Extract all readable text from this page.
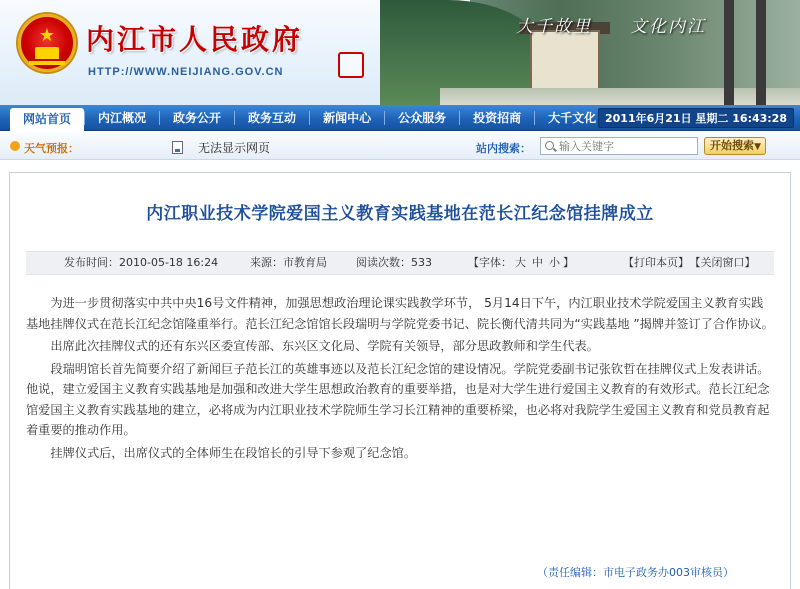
★ 内江市人民政府
HTTP://WWW.NEIJIANG.GOV.CN
大千故里 文化内江
网站首页	内江概况	政务公开	政务互动	新闻中心	公众服务	投资招商	大千文化 2011年6月21日 星期二 16:43:28
天气预报：	无法显示网页	站内搜索：
输入关键字	开始搜索 ▼
内江职业技术学院爱国主义教育实践基地在范长江纪念馆挂牌成立
发布时间：2010-05-18 16:24	来源：市教育局	阅读次数：533	【字体： 大 中 小 】	【打印本页】 【关闭窗口】

为进一步贯彻落实中共中央16号文件精神，加强思想政治理论课实践教学环节， 5月14日下午，内江职业技术学院爱国主义教育实践基地挂牌仪式在范长江纪念馆隆重举行。范长江纪念馆馆长段瑞明与学院党委书记、院长衡代清共同为“实践基地 ”揭牌并签订了合作协议。

出席此次挂牌仪式的还有东兴区委宣传部、东兴区文化局、学院有关领导，部分思政教师和学生代表。

段瑞明馆长首先简要介绍了新闻巨子范长江的英雄事迹以及范长江纪念馆的建设情况。学院党委副书记张钦哲在挂牌仪式上发表讲话。他说，建立爱国主义教育实践基地是加强和改进大学生思想政治教育的重要举措，也是对大学生进行爱国主义教育的有效形式。范长江纪念馆爱国主义教育实践基地的建立，必将成为内江职业技术学院师生学习长江精神的重要桥梁，也必将对我院学生爱国主义教育和党员教育起着重要的推动作用。

挂牌仪式后，出席仪式的全体师生在段馆长的引导下参观了纪念馆。

（责任编辑：市电子政务办003审核员）
